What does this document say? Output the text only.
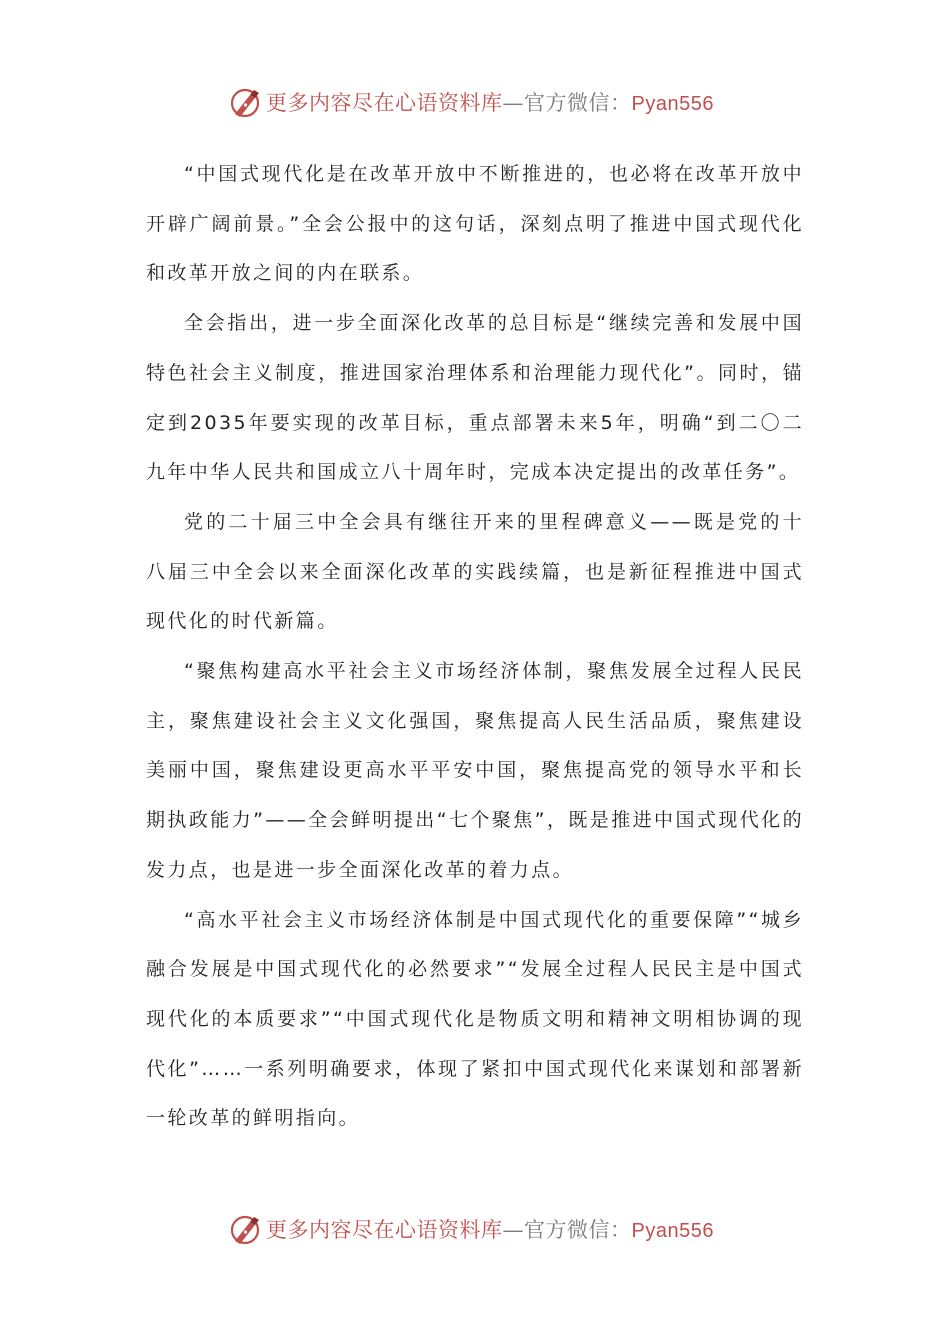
更多内容尽在心语资料库—官方微信：Pyan556

“中国式现代化是在改革开放中不断推进的，也必将在改革开放中开辟广阔前景。”全会公报中的这句话，深刻点明了推进中国式现代化和改革开放之间的内在联系。

全会指出，进一步全面深化改革的总目标是“继续完善和发展中国特色社会主义制度，推进国家治理体系和治理能力现代化”。同时，锚定到2035年要实现的改革目标，重点部署未来5年，明确“到二〇二九年中华人民共和国成立八十周年时，完成本决定提出的改革任务”。

党的二十届三中全会具有继往开来的里程碑意义——既是党的十八届三中全会以来全面深化改革的实践续篇，也是新征程推进中国式现代化的时代新篇。

“聚焦构建高水平社会主义市场经济体制，聚焦发展全过程人民民主，聚焦建设社会主义文化强国，聚焦提高人民生活品质，聚焦建设美丽中国，聚焦建设更高水平平安中国，聚焦提高党的领导水平和长期执政能力”——全会鲜明提出“七个聚焦”，既是推进中国式现代化的发力点，也是进一步全面深化改革的着力点。

“高水平社会主义市场经济体制是中国式现代化的重要保障”“城乡融合发展是中国式现代化的必然要求”“发展全过程人民民主是中国式现代化的本质要求”“中国式现代化是物质文明和精神文明相协调的现代化”……一系列明确要求，体现了紧扣中国式现代化来谋划和部署新一轮改革的鲜明指向。

更多内容尽在心语资料库—官方微信：Pyan556
